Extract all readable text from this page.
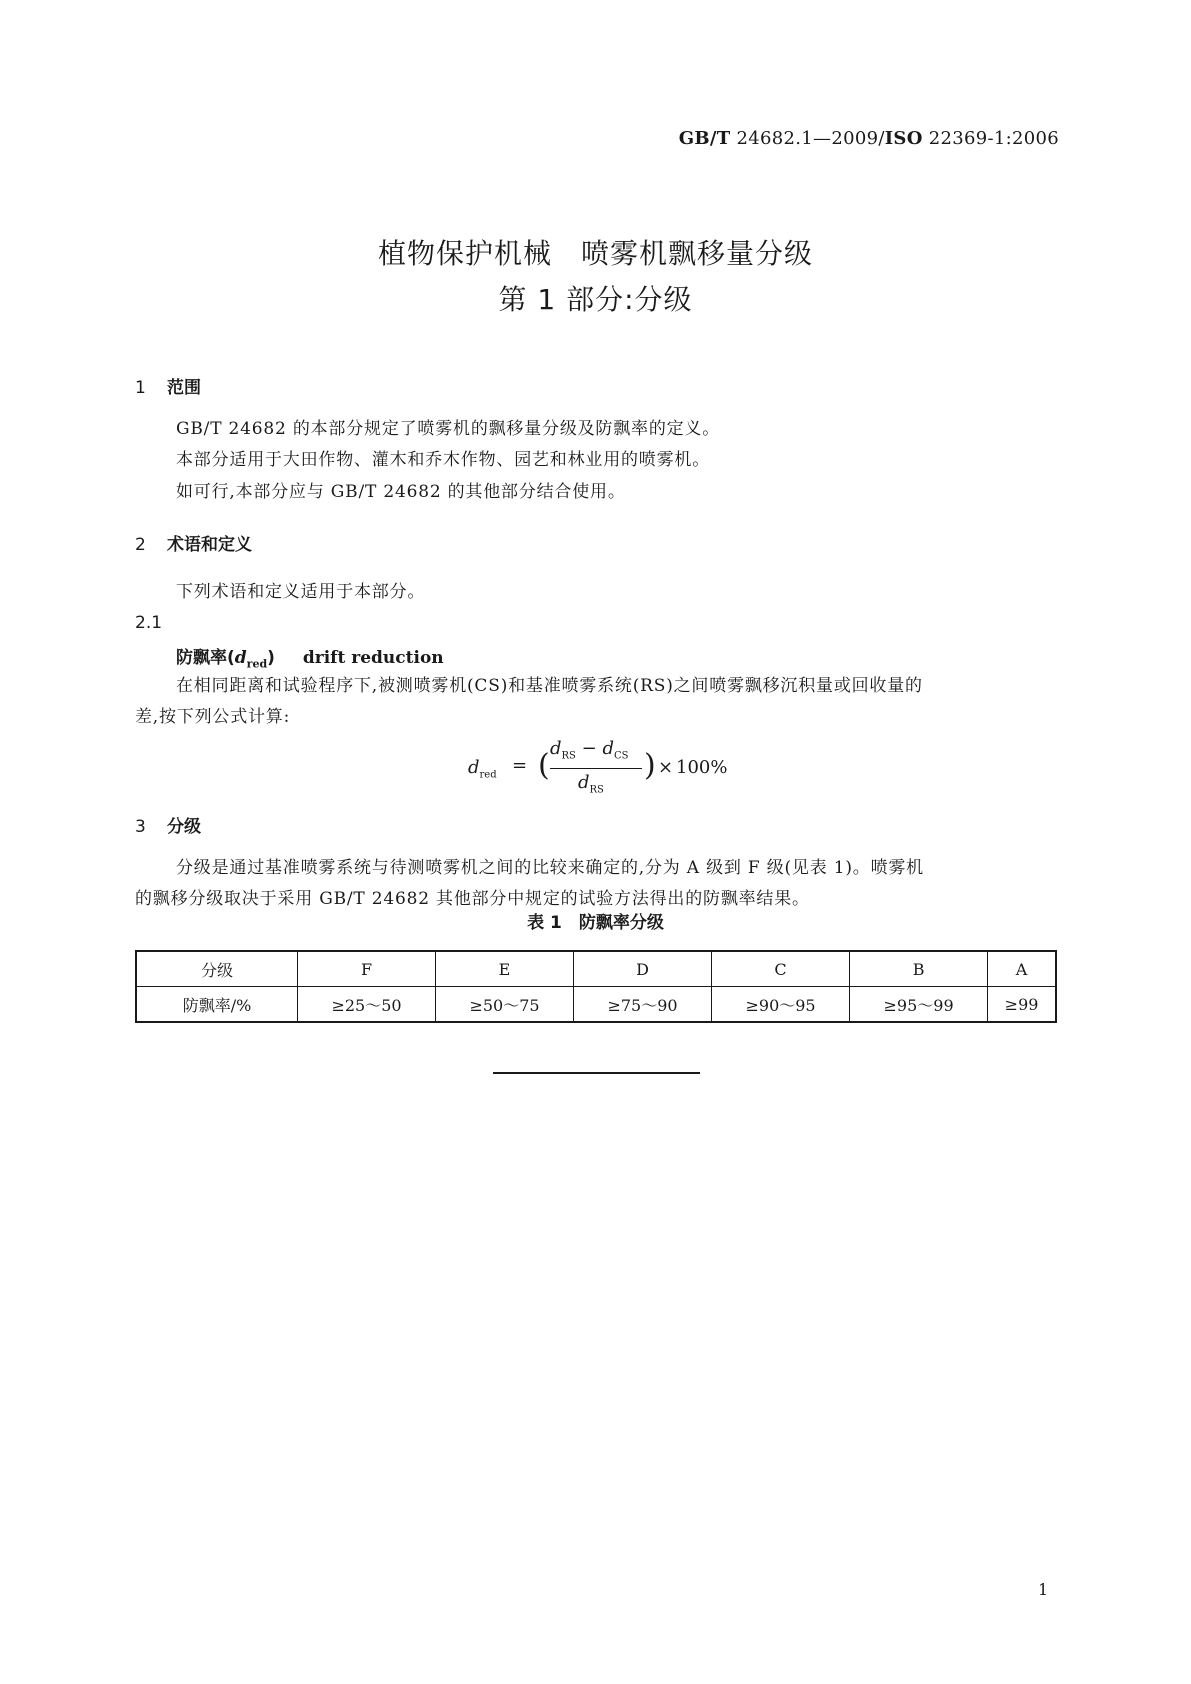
GB/T 24682.1—2009/ISO 22369-1:2006
植物保护机械　喷雾机飘移量分级
第 1 部分:分级
1 范围
GB/T 24682 的本部分规定了喷雾机的飘移量分级及防飘率的定义。
本部分适用于大田作物、灌木和乔木作物、园艺和林业用的喷雾机。
如可行,本部分应与 GB/T 24682 的其他部分结合使用。
2 术语和定义
下列术语和定义适用于本部分。
2.1
防飘率$(d_{red})$ drift reduction
在相同距离和试验程序下,被测喷雾机(CS)和基准喷雾系统(RS)之间喷雾飘移沉积量或回收量的
差,按下列公式计算:
$d_{red}$ = ( $d_{RS} - d_{CS}$
$d_{RS}$
) × 100%
3 分级
分级是通过基准喷雾系统与待测喷雾机之间的比较来确定的,分为 A 级到 F 级(见表 1)。喷雾机
的飘移分级取决于采用 GB/T 24682 其他部分中规定的试验方法得出的防飘率结果。
表 1　防飘率分级
分级	F	E	D	C	B	A
防飘率/%	≥25～50	≥50～75	≥75～90	≥90～95	≥95～99	≥99
1
